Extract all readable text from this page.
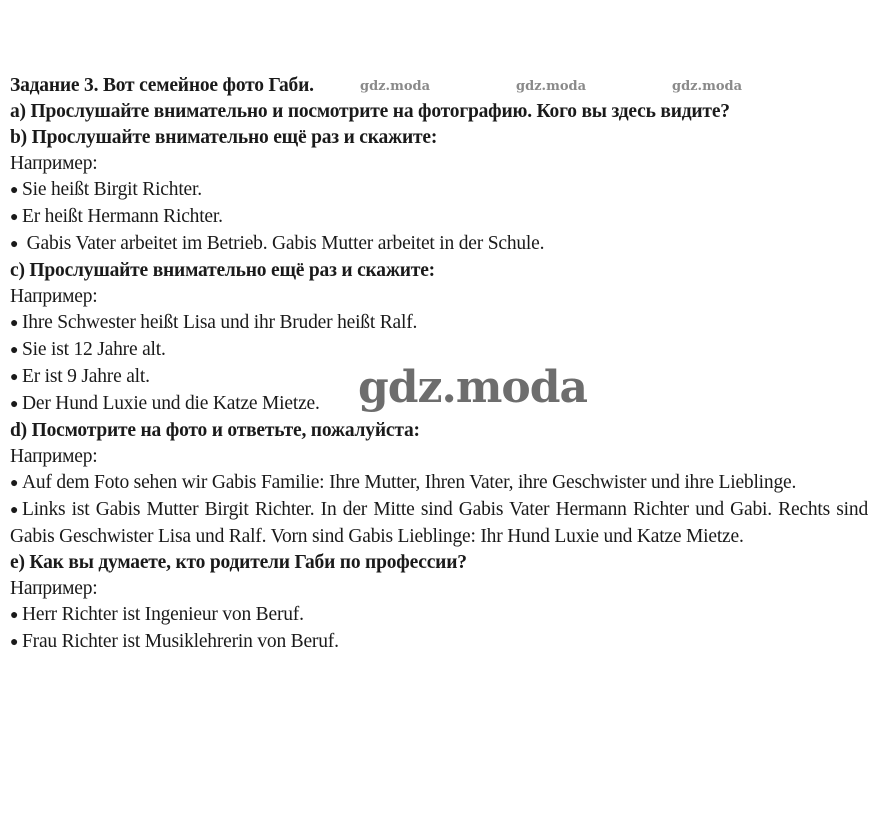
Задание 3. Вот семейное фото Габи.
a) Прослушайте внимательно и посмотрите на фотографию. Кого вы здесь видите?
b) Прослушайте внимательно ещё раз и скажите:
Например:
● Sie heißt Birgit Richter.
● Er heißt Hermann Richter.
● Gabis Vater arbeitet im Betrieb. Gabis Mutter arbeitet in der Schule.
c) Прослушайте внимательно ещё раз и скажите:
Например:
● Ihre Schwester heißt Lisa und ihr Bruder heißt Ralf.
● Sie ist 12 Jahre alt.
● Er ist 9 Jahre alt.
● Der Hund Luxie und die Katze Mietze.
d) Посмотрите на фото и ответьте, пожалуйста:
Например:
● Auf dem Foto sehen wir Gabis Familie: Ihre Mutter, Ihren Vater, ihre Geschwister und ihre Lieblinge.
● Links ist Gabis Mutter Birgit Richter. In der Mitte sind Gabis Vater Hermann Richter und Gabi. Rechts sind Gabis Geschwister Lisa und Ralf. Vorn sind Gabis Lieblinge: Ihr Hund Luxie und Katze Mietze.
e) Как вы думаете, кто родители Габи по профессии?
Например:
● Herr Richter ist Ingenieur von Beruf.
● Frau Richter ist Musiklehrerin von Beruf.
gdz.moda	gdz.moda	gdz.moda
gdz.moda
